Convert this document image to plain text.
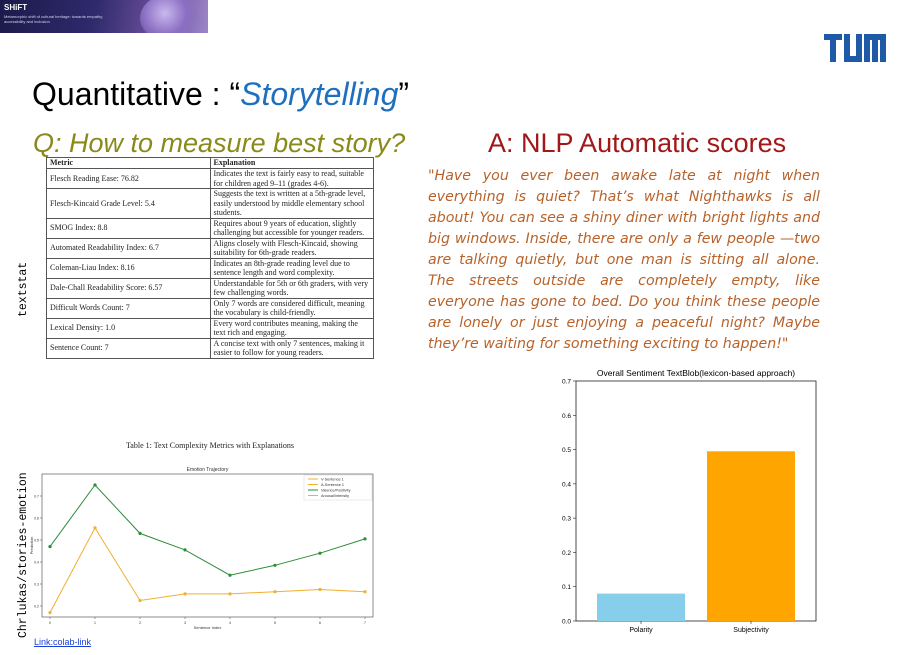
SHiFT
Metamorphic shift of cultural heritage: towards empathy, accessibility and inclusion
Quantitative : “Storytelling”
Q: How to measure best story?	A: NLP Automatic scores
textstat
Chrlukas/stories-emotion
Metric	Explanation
Flesch Reading Ease: 76.82	Indicates the text is fairly easy to read, suitable for children aged 9–11 (grades 4-6).
Flesch-Kincaid Grade Level: 5.4	Suggests the text is written at a 5th-grade level, easily understood by middle elementary school students.
SMOG Index: 8.8	Requires about 9 years of education, slightly challenging but accessible for younger readers.
Automated Readability Index: 6.7	Aligns closely with Flesch-Kincaid, showing suitability for 6th-grade readers.
Coleman-Liau Index: 8.16	Indicates an 8th-grade reading level due to sentence length and word complexity.
Dale-Chall Readability Score: 6.57	Understandable for 5th or 6th graders, with very few challenging words.
Difficult Words Count: 7	Only 7 words are considered difficult, meaning the vocabulary is child-friendly.
Lexical Density: 1.0	Every word contributes meaning, making the text rich and engaging.
Sentence Count: 7	A concise text with only 7 sentences, making it easier to follow for young readers.
Table 1: Text Complexity Metrics with Explanations
"Have you ever been awake late at night when everything is quiet? That’s what Nighthawks is all about! You can see a shiny diner with bright lights and big windows. Inside, there are only a few people —two are talking quietly, but one man is sitting all alone. The streets outside are completely empty, like everyone has gone to bed. Do you think these people are lonely or just enjoying a peaceful night? Maybe they’re waiting for something exciting to happen!"
Emotion Trajectory
Sentence Index
Prediction
0.2
0.3
0.4
0.5
0.6
0.7
0	1	2	3	4	5	6	7
V-Sentence 1
A-Sentence 1
Valence/Positivity
Arousal/Intensity
Overall Sentiment TextBlob(lexicon-based approach)
0.0
0.1
0.2
0.3
0.4
0.5
0.6
0.7
Polarity	Subjectivity
Link:colab-link
